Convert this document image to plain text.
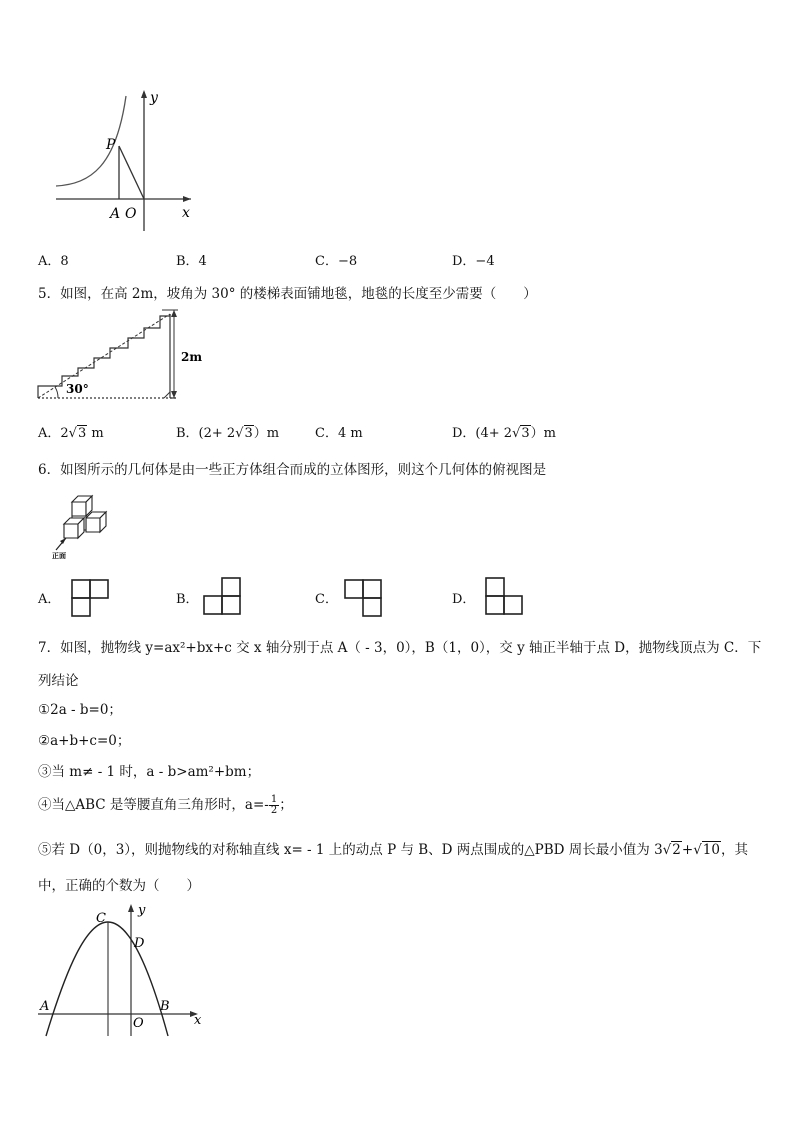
P
A O	x
y
A．8	B．4	C．−8	D．−4
5．如图，在高 2m，坡角为 30° 的楼梯表面铺地毯，地毯的长度至少需要（　　）
2m
30°
A．2√3 m	B．(2+ 2√3）m	C．4 m	D．(4+ 2√3）m
6．如图所示的几何体是由一些正方体组合而成的立体图形，则这个几何体的俯视图是
正面
A．	B．	C．	D．
7．如图，抛物线 y=ax²+bx+c 交 x 轴分别于点 A（ - 3，0），B（1，0），交 y 轴正半轴于点 D，抛物线顶点为 C．下
列结论
①2a - b=0；
②a+b+c=0；
③当 m≠ - 1 时，a - b>am²+bm；
④当△ABC 是等腰直角三角形时，$a=- \frac{1}{2}$ ；
⑤若 D（0，3），则抛物线的对称轴直线 x= - 1 上的动点 P 与 B、D 两点围成的△PBD 周长最小值为 3√2+√10，其
中，正确的个数为（　　）
C
D
A	B
O	x
y
